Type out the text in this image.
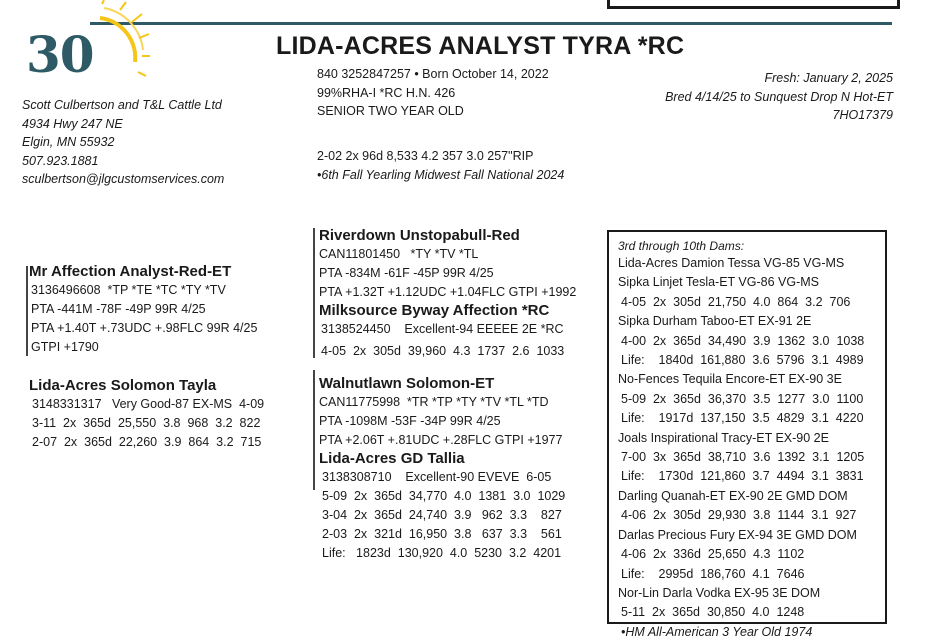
30	LIDA-ACRES ANALYST TYRA *RC
Scott Culbertson and T&L Cattle Ltd
4934 Hwy 247 NE
Elgin, MN 55932
507.923.1881
sculbertson@jlgcustomservices.com
840 3252847257 • Born October 14, 2022
99%RHA-I *RC H.N. 426
SENIOR TWO YEAR OLD
2-02 2x 96d 8,533 4.2 357 3.0 257"RIP
•6th Fall Yearling Midwest Fall National 2024
Fresh: January 2, 2025
Bred 4/14/25 to Sunquest Drop N Hot-ET
7HO17379
Mr Affection Analyst-Red-ET
3136496608  *TP *TE *TC *TY *TV
PTA -441M -78F -49P 99R 4/25
PTA +1.40T +.73UDC +.98FLC 99R 4/25
GTPI +1790
Lida-Acres Solomon Tayla
3148331317   Very Good-87 EX-MS  4-09
3-11  2x  365d  25,550  3.8  968  3.2  822
2-07  2x  365d  22,260  3.9  864  3.2  715
Riverdown Unstopabull-Red
CAN11801450   *TY *TV *TL
PTA -834M -61F -45P 99R 4/25
PTA +1.32T +1.12UDC +1.04FLC GTPI +1992
Milksource Byway Affection *RC
3138524450    Excellent-94 EEEEE 2E *RC
4-05  2x  305d  39,960  4.3  1737  2.6  1033
Walnutlawn Solomon-ET
CAN11775998  *TR *TP *TY *TV *TL *TD
PTA -1098M -53F -34P 99R 4/25
PTA +2.06T +.81UDC +.28FLC GTPI +1977
Lida-Acres GD Tallia
3138308710    Excellent-90 EVEVE  6-05
5-09  2x  365d  34,770  4.0  1381  3.0  1029
3-04  2x  365d  24,740  3.9   962  3.3    827
2-03  2x  321d  16,950  3.8   637  3.3    561
Life:   1823d  130,920  4.0  5230  3.2  4201
3rd through 10th Dams:
Lida-Acres Damion Tessa VG-85 VG-MS
Sipka Linjet Tesla-ET VG-86 VG-MS
4-05  2x  305d  21,750  4.0  864  3.2  706
Sipka Durham Taboo-ET EX-91 2E
4-00  2x  365d  34,490  3.9  1362  3.0  1038
Life:    1840d  161,880  3.6  5796  3.1  4989
No-Fences Tequila Encore-ET EX-90 3E
5-09  2x  365d  36,370  3.5  1277  3.0  1100
Life:    1917d  137,150  3.5  4829  3.1  4220
Joals Inspirational Tracy-ET EX-90 2E
7-00  3x  365d  38,710  3.6  1392  3.1  1205
Life:    1730d  121,860  3.7  4494  3.1  3831
Darling Quanah-ET EX-90 2E GMD DOM
4-06  2x  305d  29,930  3.8  1144  3.1  927
Darlas Precious Fury EX-94 3E GMD DOM
4-06  2x  336d  25,650  4.3  1102
Life:    2995d  186,760  4.1  7646
Nor-Lin Darla Vodka EX-95 3E DOM
5-11  2x  365d  30,850  4.0  1248
•HM All-American 3 Year Old 1974
